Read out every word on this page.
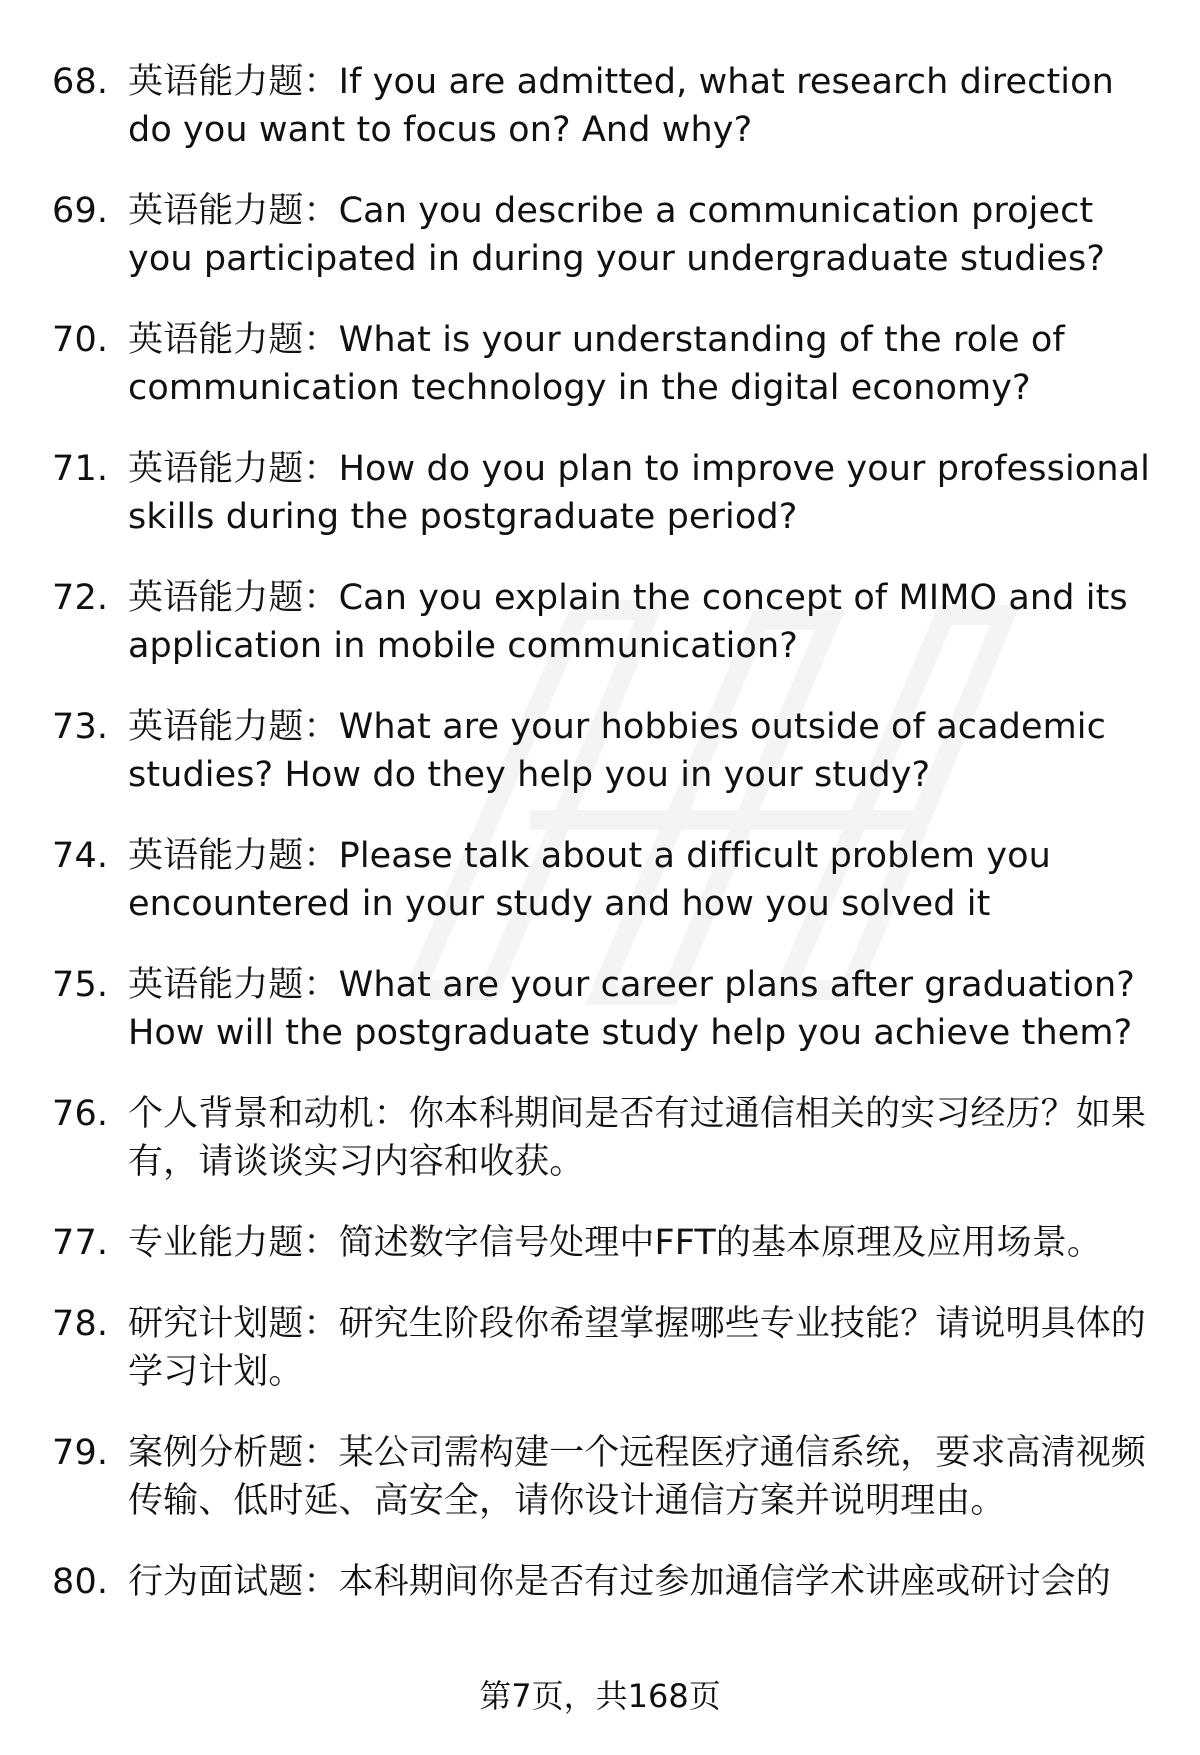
68. 英语能力题：If you are admitted, what research direction do you want to focus on? And why?
69. 英语能力题：Can you describe a communication project you participated in during your undergraduate studies?
70. 英语能力题：What is your understanding of the role of communication technology in the digital economy?
71. 英语能力题：How do you plan to improve your professional skills during the postgraduate period?
72. 英语能力题：Can you explain the concept of MIMO and its application in mobile communication?
73. 英语能力题：What are your hobbies outside of academic studies? How do they help you in your study?
74. 英语能力题：Please talk about a difficult problem you encountered in your study and how you solved it
75. 英语能力题：What are your career plans after graduation? How will the postgraduate study help you achieve them?
76. 个人背景和动机：你本科期间是否有过通信相关的实习经历？如果有，请谈谈实习内容和收获。
77. 专业能力题：简述数字信号处理中FFT的基本原理及应用场景。
78. 研究计划题：研究生阶段你希望掌握哪些专业技能？请说明具体的学习计划。
79. 案例分析题：某公司需构建一个远程医疗通信系统，要求高清视频传输、低时延、高安全，请你设计通信方案并说明理由。
80. 行为面试题：本科期间你是否有过参加通信学术讲座或研讨会的
第7页，共168页
